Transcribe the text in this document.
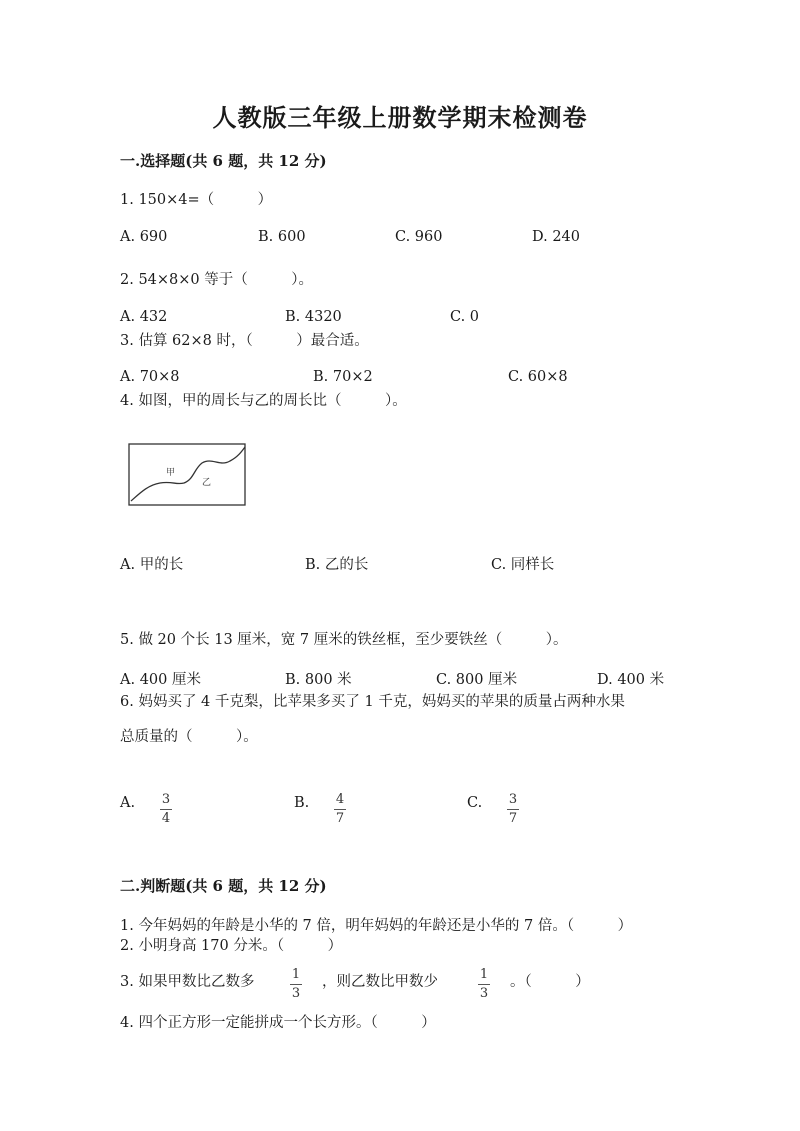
人教版三年级上册数学期末检测卷
一.选择题(共 6 题，共 12 分)
1. 150×4=（　　　）
A. 690	B. 600	C. 960	D. 240
2. 54×8×0 等于（　　　）。
A. 432	B. 4320	C. 0
3. 估算 62×8 时，（　　　）最合适。
A. 70×8	B. 70×2	C. 60×8
4. 如图，甲的周长与乙的周长比（　　　）。
甲
乙
A. 甲的长	B. 乙的长	C. 同样长
5. 做 20 个长 13 厘米，宽 7 厘米的铁丝框，至少要铁丝（　　　）。
A. 400 厘米	B. 800 米	C. 800 厘米	D. 400 米
6. 妈妈买了 4 千克梨，比苹果多买了 1 千克，妈妈买的苹果的质量占两种水果
总质量的（　　　）。
A. $\frac{3}{4}$	B. $\frac{4}{7}$	C. $\frac{3}{7}$
二.判断题(共 6 题，共 12 分)
1. 今年妈妈的年龄是小华的 7 倍，明年妈妈的年龄还是小华的 7 倍。（　　　）
2. 小明身高 170 分米。（　　　）
3. 如果甲数比乙数多	$\frac{1}{3}$ ，则乙数比甲数少	$\frac{1}{3}$ 。（　　　）
4. 四个正方形一定能拼成一个长方形。（　　　）
